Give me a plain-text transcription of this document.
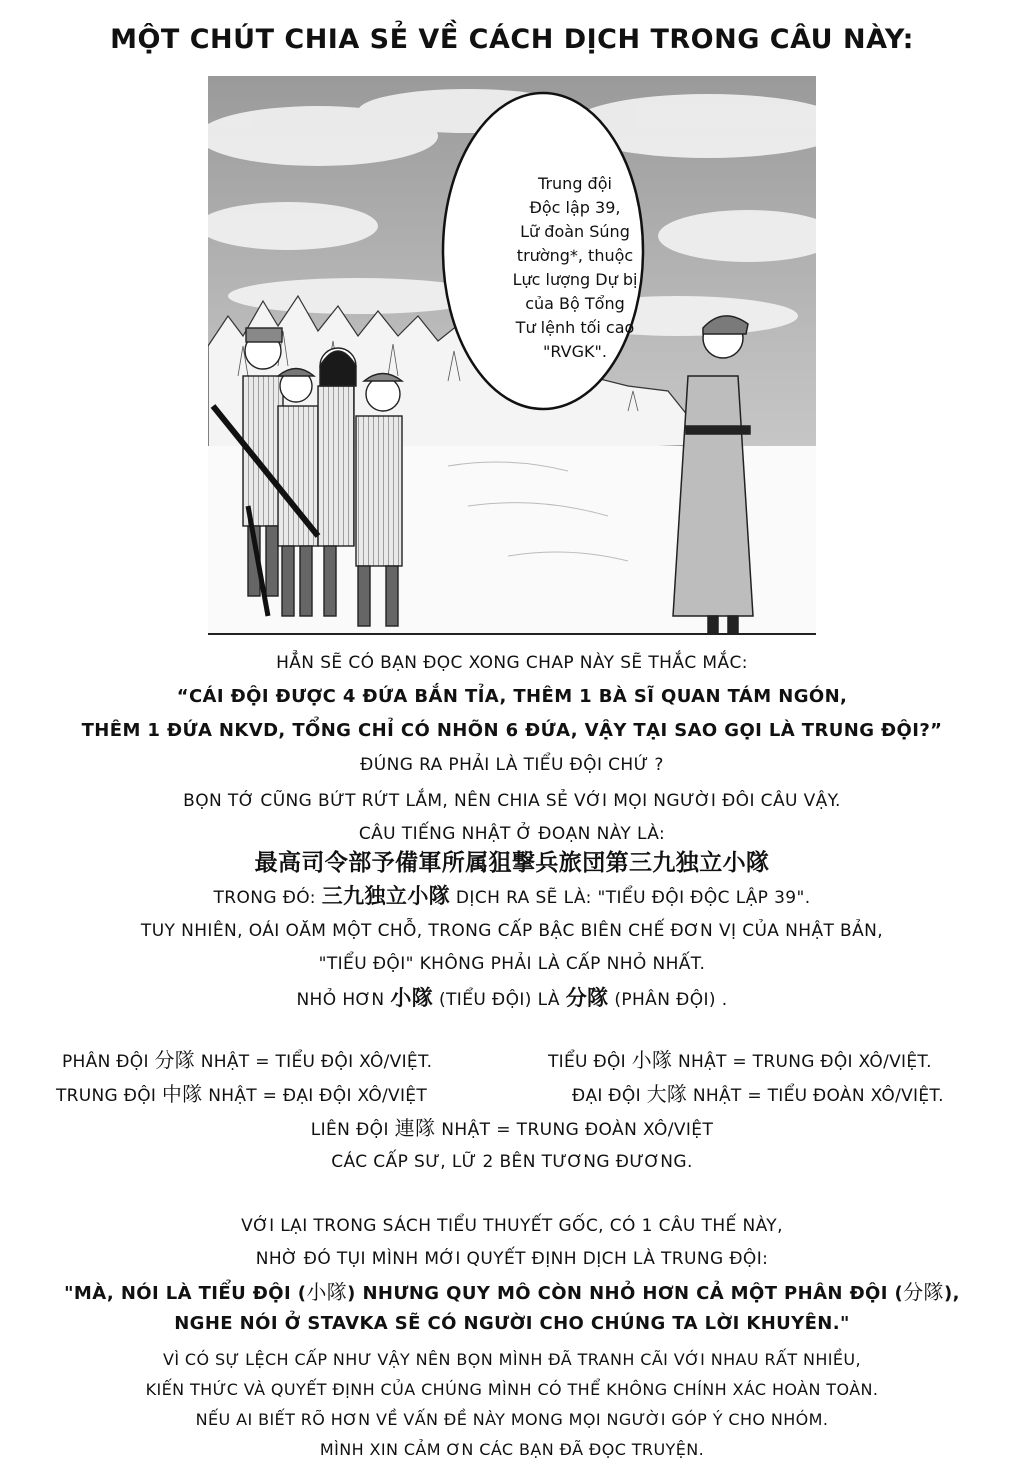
MỘT CHÚT CHIA SẺ VỀ CÁCH DỊCH TRONG CÂU NÀY:
Trung đội
Độc lập 39,
Lữ đoàn Súng
trường*, thuộc
Lực lượng Dự bị
của Bộ Tổng
Tư lệnh tối cao
"RVGK".
HẲN SẼ CÓ BẠN ĐỌC XONG CHAP NÀY SẼ THẮC MẮC:
“CÁI ĐỘI ĐƯỢC 4 ĐỨA BẮN TỈA, THÊM 1 BÀ SĨ QUAN TÁM NGÓN,
THÊM 1 ĐỨA NKVD, TỔNG CHỈ CÓ NHÕN 6 ĐỨA, VẬY TẠI SAO GỌI LÀ TRUNG ĐỘI?”
ĐÚNG RA PHẢI LÀ TIỂU ĐỘI CHỨ ?
BỌN TỚ CŨNG BỨT RỨT LẮM, NÊN CHIA SẺ VỚI MỌI NGƯỜI ĐÔI CÂU VẬY.
CÂU TIẾNG NHẬT Ở ĐOẠN NÀY LÀ:
最高司令部予備軍所属狙撃兵旅団第三九独立小隊
TRONG ĐÓ: 三九独立小隊 DỊCH RA SẼ LÀ: "TIỂU ĐỘI ĐỘC LẬP 39".
TUY NHIÊN, OÁI OĂM MỘT CHỖ, TRONG CẤP BẬC BIÊN CHẾ ĐƠN VỊ CỦA NHẬT BẢN,
"TIỂU ĐỘI" KHÔNG PHẢI LÀ CẤP NHỎ NHẤT.
NHỎ HƠN 小隊 (TIỂU ĐỘI) LÀ 分隊 (PHÂN ĐỘI) .
PHÂN ĐỘI 分隊 NHẬT = TIỂU ĐỘI XÔ/VIỆT.	TIỂU ĐỘI 小隊 NHẬT = TRUNG ĐỘI XÔ/VIỆT.
TRUNG ĐỘI 中隊 NHẬT = ĐẠI ĐỘI XÔ/VIỆT	ĐẠI ĐỘI 大隊 NHẬT = TIỂU ĐOÀN XÔ/VIỆT.
LIÊN ĐỘI 連隊 NHẬT = TRUNG ĐOÀN XÔ/VIỆT
CÁC CẤP SƯ, LỮ 2 BÊN TƯƠNG ĐƯƠNG.
VỚI LẠI TRONG SÁCH TIỂU THUYẾT GỐC, CÓ 1 CÂU THẾ NÀY,
NHỜ ĐÓ TỤI MÌNH MỚI QUYẾT ĐỊNH DỊCH LÀ TRUNG ĐỘI:
"MÀ, NÓI LÀ TIỂU ĐỘI (小隊) NHƯNG QUY MÔ CÒN NHỎ HƠN CẢ MỘT PHÂN ĐỘI (分隊),
NGHE NÓI Ở STAVKA SẼ CÓ NGƯỜI CHO CHÚNG TA LỜI KHUYÊN."
VÌ CÓ SỰ LỆCH CẤP NHƯ VẬY NÊN BỌN MÌNH ĐÃ TRANH CÃI VỚI NHAU RẤT NHIỀU,
KIẾN THỨC VÀ QUYẾT ĐỊNH CỦA CHÚNG MÌNH CÓ THỂ KHÔNG CHÍNH XÁC HOÀN TOÀN.
NẾU AI BIẾT RÕ HƠN VỀ VẤN ĐỀ NÀY MONG MỌI NGƯỜI GÓP Ý CHO NHÓM.
MÌNH XIN CẢM ƠN CÁC BẠN ĐÃ ĐỌC TRUYỆN.
